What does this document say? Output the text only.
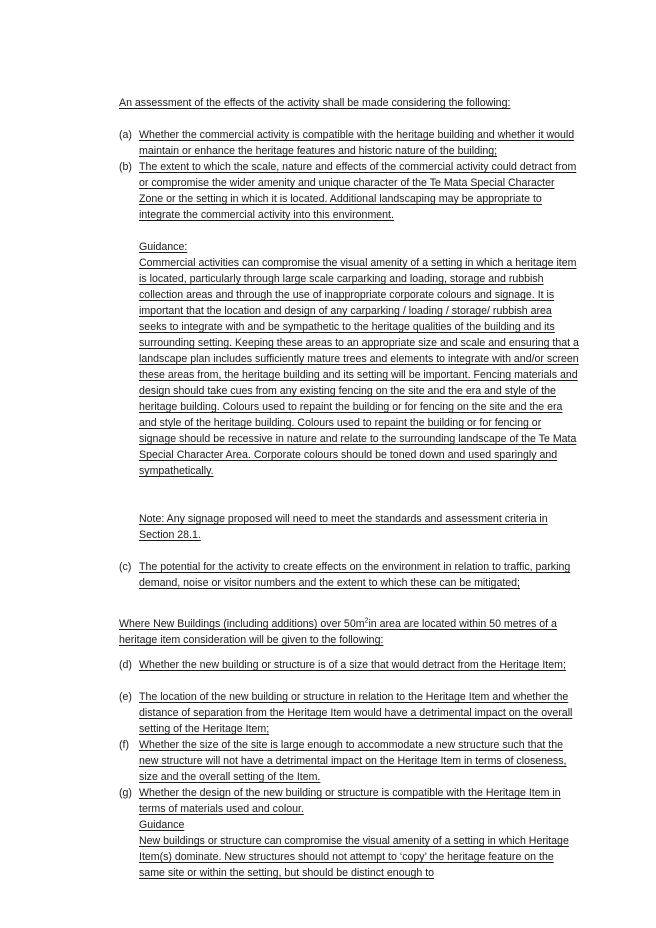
An assessment of the effects of the activity shall be made considering the following:
(a) Whether the commercial activity is compatible with the heritage building and whether it would maintain or enhance the heritage features and historic nature of the building;
(b) The extent to which the scale, nature and effects of the commercial activity could detract from or compromise the wider amenity and unique character of the Te Mata Special Character Zone or the setting in which it is located. Additional landscaping may be appropriate to integrate the commercial activity into this environment.
Guidance:
Commercial activities can compromise the visual amenity of a setting in which a heritage item is located, particularly through large scale carparking and loading, storage and rubbish collection areas and through the use of inappropriate corporate colours and signage. It is important that the location and design of any carparking / loading / storage/ rubbish area seeks to integrate with and be sympathetic to the heritage qualities of the building and its surrounding setting. Keeping these areas to an appropriate size and scale and ensuring that a landscape plan includes sufficiently mature trees and elements to integrate with and/or screen these areas from, the heritage building and its setting will be important. Fencing materials and design should take cues from any existing fencing on the site and the era and style of the heritage building. Colours used to repaint the building or for fencing on the site and the era and style of the heritage building. Colours used to repaint the building or for fencing or signage should be recessive in nature and relate to the surrounding landscape of the Te Mata Special Character Area. Corporate colours should be toned down and used sparingly and sympathetically.
Note: Any signage proposed will need to meet the standards and assessment criteria in Section 28.1.
(c) The potential for the activity to create effects on the environment in relation to traffic, parking demand, noise or visitor numbers and the extent to which these can be mitigated;
Where New Buildings (including additions) over $50m^2in$ area are located within 50 metres of a heritage item consideration will be given to the following:
(d) Whether the new building or structure is of a size that would detract from the Heritage Item;
(e) The location of the new building or structure in relation to the Heritage Item and whether the distance of separation from the Heritage Item would have a detrimental impact on the overall setting of the Heritage Item;
(f) Whether the size of the site is large enough to accommodate a new structure such that the new structure will not have a detrimental impact on the Heritage Item in terms of closeness, size and the overall setting of the Item.
(g) Whether the design of the new building or structure is compatible with the Heritage Item in terms of materials used and colour.
Guidance
New buildings or structure can compromise the visual amenity of a setting in which Heritage Item(s) dominate. New structures should not attempt to ‘copy’ the heritage feature on the same site or within the setting, but should be distinct enough to
